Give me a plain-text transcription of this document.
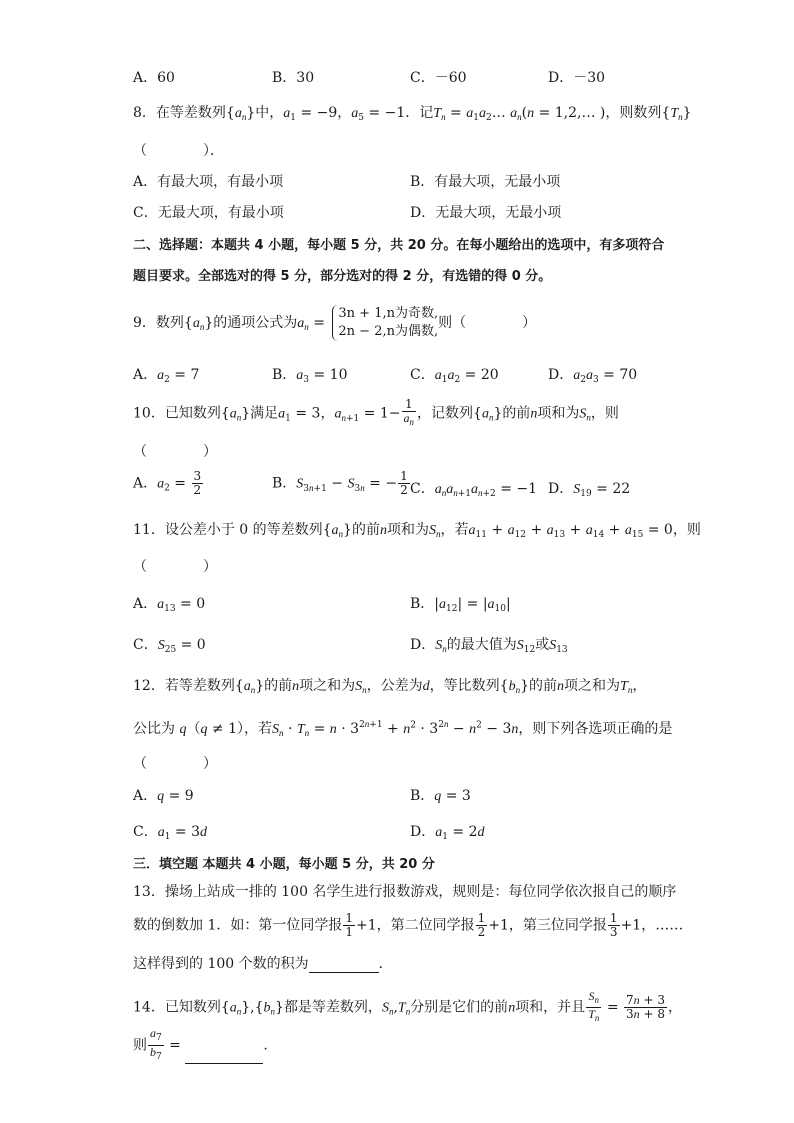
A．60	B．30	C．－60	D．－30
8．在等差数列$\{a_n\}$中，$a_1 = -9$，$a_5 = -1$．记$T_n$ = $a_1a_2\dots$ $a_n(n$ = 1,2,… )，则数列$\{T_n\}$
（　　　　）．
A．有最大项，有最小项	B．有最大项，无最小项
C．无最大项，有最小项	D．无最大项，无最小项
二、选择题：本题共 4 小题，每小题 5 分，共 20 分。在每小题给出的选项中，有多项符合
题目要求。全部选对的得 5 分，部分选对的得 2 分，有选错的得 0 分。
9．数列$\{a_n\}$的通项公式为$a_n$ =
3n + 1,n为奇数,
2n − 2,n为偶数,
则（　　　　）
A．$a_2 = 7$	B．$a_3 = 10$	C．$a_1a_2 = 20$	D．$a_2a_3 = 70$
10．已知数列$\{a_n\}$满足$a_1 = 3$，$a_{n+1} = 1- \frac{1}{a_n}$ ，记数列$\{a_n\}$的前n项和为$S_n$，则
（　　　　）
A．$a_2 = \frac{3}{2}$	B．$S_{3n+1} - S_{3n}$ = − $\frac{1}{2}$ C．$a_na_{n+1}a_{n+2} = -1$ D．$S_{19} = 22$
11．设公差小于 0 的等差数列$\{a_n\}$的前n项和为$S_n$，若$a_{11} + a_{12} + a_{13} + a_{14} + a_{15} = 0$，则
（　　　　）
A．$a_{13} = 0$	B．$|a_{12}| = |a_{10}|$
C．$S_{25} = 0$	D．$S_n$的最大值为$S_{12}$或$S_{13}$
12．若等差数列$\{a_n\}$的前n项之和为$S_n$，公差为d，等比数列$\{b_n\}$的前n项之和为$T_n$，
公比为 q（q ≠ 1），若$S_n \cdot T_n = n \cdot 3^{2n+1} + n^2 \cdot 3^{2n} - n^2 - 3n$，则下列各选项正确的是
（　　　　）
A．q = 9	B．q = 3
C．$a_1 = 3d$	D．$a_1 = 2d$
三．填空题 本题共 4 小题，每小题 5 分，共 20 分
13．操场上站成一排的 100 名学生进行报数游戏，规则是：每位同学依次报自己的顺序
数的倒数加 1．如：第一位同学报 $\frac{1}{1} +1$，第二位同学报 $\frac{1}{2} +1$，第三位同学报 $\frac{1}{3} +1$，……
这样得到的 100 个数的积为	．
14．已知数列$\{a_n\},\{b_n\}$都是等差数列，$S_n,T_n$分别是它们的前n项和，并且 $\frac{S_n}{T_n} = \frac{7n + 3}{3n + 8}$ ，
则 $\frac{a_7}{b_7}$ =	.
